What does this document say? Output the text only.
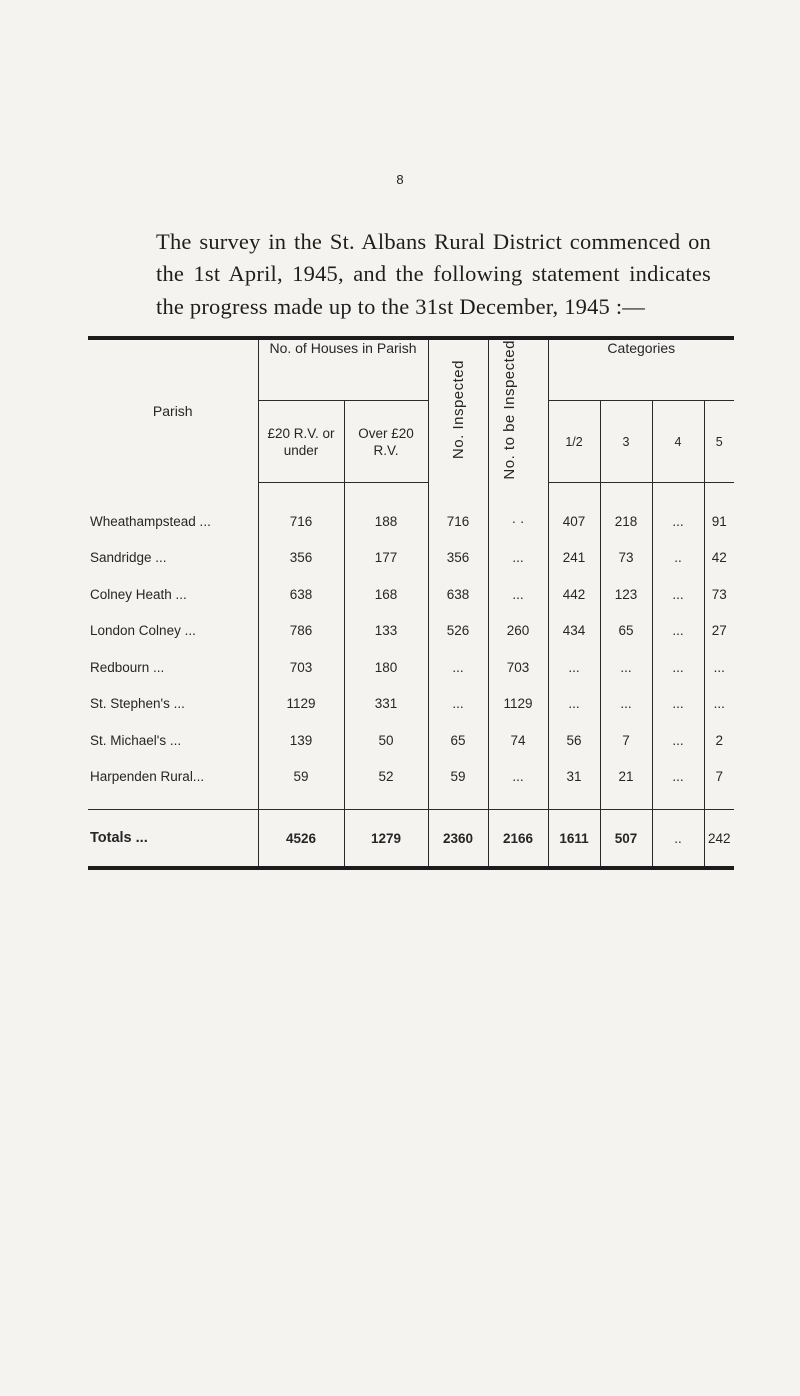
8

The survey in the St. Albans Rural District commenced on the 1st April, 1945, and the following statement indicates the progress made up to the 31st December, 1945 :—

Parish	No. of Houses in Parish		No. Inspected	No. to be Inspected	Categories			
	£20 R.V. or under	Over £20 R.V.			1/2	3	4	5
Wheathampstead ...	716	188	716	· ·	407	218	...	91
Sandridge ...	356	177	356	...	241	73	..	42
Colney Heath ...	638	168	638	...	442	123	...	73
London Colney ...	786	133	526	260	434	65	...	27
Redbourn ...	703	180	...	703	...	...	...	...
St. Stephen's ...	1129	331	...	1129	...	...	...	...
St. Michael's ...	139	50	65	74	56	7	...	2
Harpenden Rural...	59	52	59	...	31	21	...	7
Totals ...	4526	1279	2360	2166	1611	507	..	242
